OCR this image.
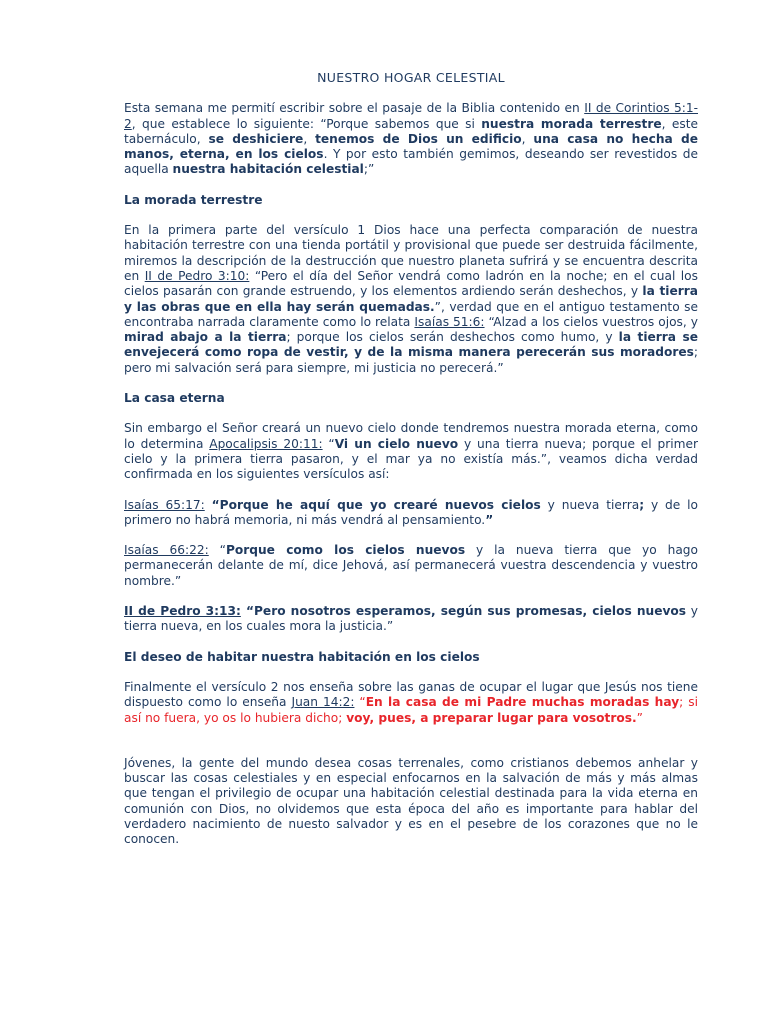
NUESTRO HOGAR CELESTIAL

Esta semana me permití escribir sobre el pasaje de la Biblia contenido en II de Corintios 5:1-2, que establece lo siguiente: “Porque sabemos que si nuestra morada terrestre, este tabernáculo, se deshiciere, tenemos de Dios un edificio, una casa no hecha de manos, eterna, en los cielos. Y por esto también gemimos, deseando ser revestidos de aquella nuestra habitación celestial;”

La morada terrestre

En la primera parte del versículo 1 Dios hace una perfecta comparación de nuestra habitación terrestre con una tienda portátil y provisional que puede ser destruida fácilmente, miremos la descripción de la destrucción que nuestro planeta sufrirá y se encuentra descrita en II de Pedro 3:10: “Pero el día del Señor vendrá como ladrón en la noche; en el cual los cielos pasarán con grande estruendo, y los elementos ardiendo serán deshechos, y la tierra y las obras que en ella hay serán quemadas.”, verdad que en el antiguo testamento se encontraba narrada claramente como lo relata Isaías 51:6: “Alzad a los cielos vuestros ojos, y mirad abajo a la tierra; porque los cielos serán deshechos como humo, y la tierra se envejecerá como ropa de vestir, y de la misma manera perecerán sus moradores; pero mi salvación será para siempre, mi justicia no perecerá.”

La casa eterna

Sin embargo el Señor creará un nuevo cielo donde tendremos nuestra morada eterna, como lo determina Apocalipsis 20:11: “Vi un cielo nuevo y una tierra nueva; porque el primer cielo y la primera tierra pasaron, y el mar ya no existía más.”, veamos dicha verdad confirmada en los siguientes versículos así:

Isaías 65:17: “Porque he aquí que yo crearé nuevos cielos y nueva tierra; y de lo primero no habrá memoria, ni más vendrá al pensamiento.”

Isaías 66:22: “Porque como los cielos nuevos y la nueva tierra que yo hago permanecerán delante de mí, dice Jehová, así permanecerá vuestra descendencia y vuestro nombre.”

II de Pedro 3:13: “Pero nosotros esperamos, según sus promesas, cielos nuevos y tierra nueva, en los cuales mora la justicia.”

El deseo de habitar nuestra habitación en los cielos

Finalmente el versículo 2 nos enseña sobre las ganas de ocupar el lugar que Jesús nos tiene dispuesto como lo enseña Juan 14:2: “En la casa de mi Padre muchas moradas hay; si así no fuera, yo os lo hubiera dicho; voy, pues, a preparar lugar para vosotros.”

Jóvenes, la gente del mundo desea cosas terrenales, como cristianos debemos anhelar y buscar las cosas celestiales y en especial enfocarnos en la salvación de más y más almas que tengan el privilegio de ocupar una habitación celestial destinada para la vida eterna en comunión con Dios, no olvidemos que esta época del año es importante para hablar del verdadero nacimiento de nuesto salvador y es en el pesebre de los corazones que no le conocen.
